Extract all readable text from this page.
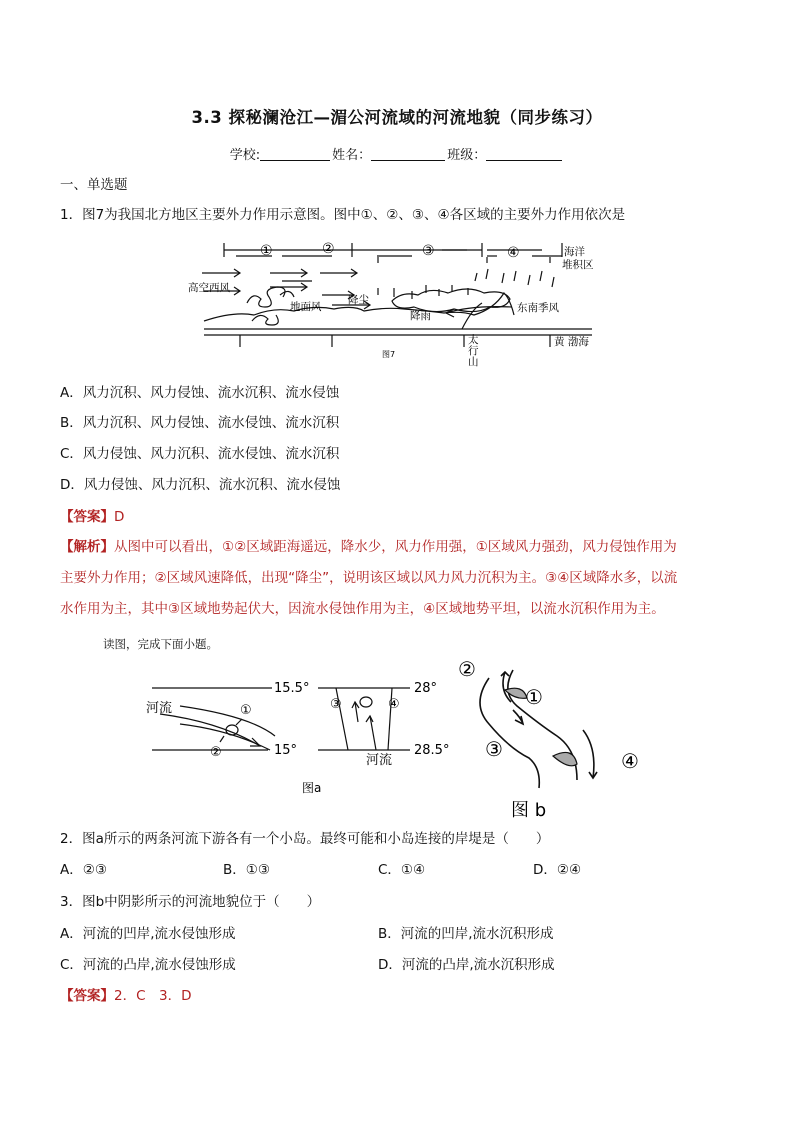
3.3 探秘澜沧江—湄公河流域的河流地貌（同步练习）
学校:	姓名：	班级：
一、单选题
1．图7为我国北方地区主要外力作用示意图。图中①、②、③、④各区域的主要外力作用依次是
①	②	③	④	海洋
堆积区
高空西风
地面风
降尘
东南季风
降雨
太
行
山
黄 渤海
图7
A．风力沉积、风力侵蚀、流水沉积、流水侵蚀
B．风力沉积、风力侵蚀、流水侵蚀、流水沉积
C．风力侵蚀、风力沉积、流水侵蚀、流水沉积
D．风力侵蚀、风力沉积、流水沉积、流水侵蚀
【答案】D
【解析】从图中可以看出，①②区域距海遥远，降水少，风力作用强，①区域风力强劲，风力侵蚀作用为
主要外力作用；②区域风速降低，出现“降尘”，说明该区域以风力风力沉积为主。③④区域降水多，以流
水作用为主，其中③区域地势起伏大，因流水侵蚀作用为主，④区域地势平坦，以流水沉积作用为主。
读图，完成下面小题。
15.5°
15°
28°
28.5°
河流
河流
①
②
③	④
图a
②
①
③	④
图 b
2．图a所示的两条河流下游各有一个小岛。最终可能和小岛连接的岸堤是（　　）
A．②③	B．①③	C．①④	D．②④
3．图b中阴影所示的河流地貌位于（　　）
A．河流的凹岸,流水侵蚀形成	B．河流的凹岸,流水沉积形成
C．河流的凸岸,流水侵蚀形成	D．河流的凸岸,流水沉积形成
【答案】2．C　3．D
